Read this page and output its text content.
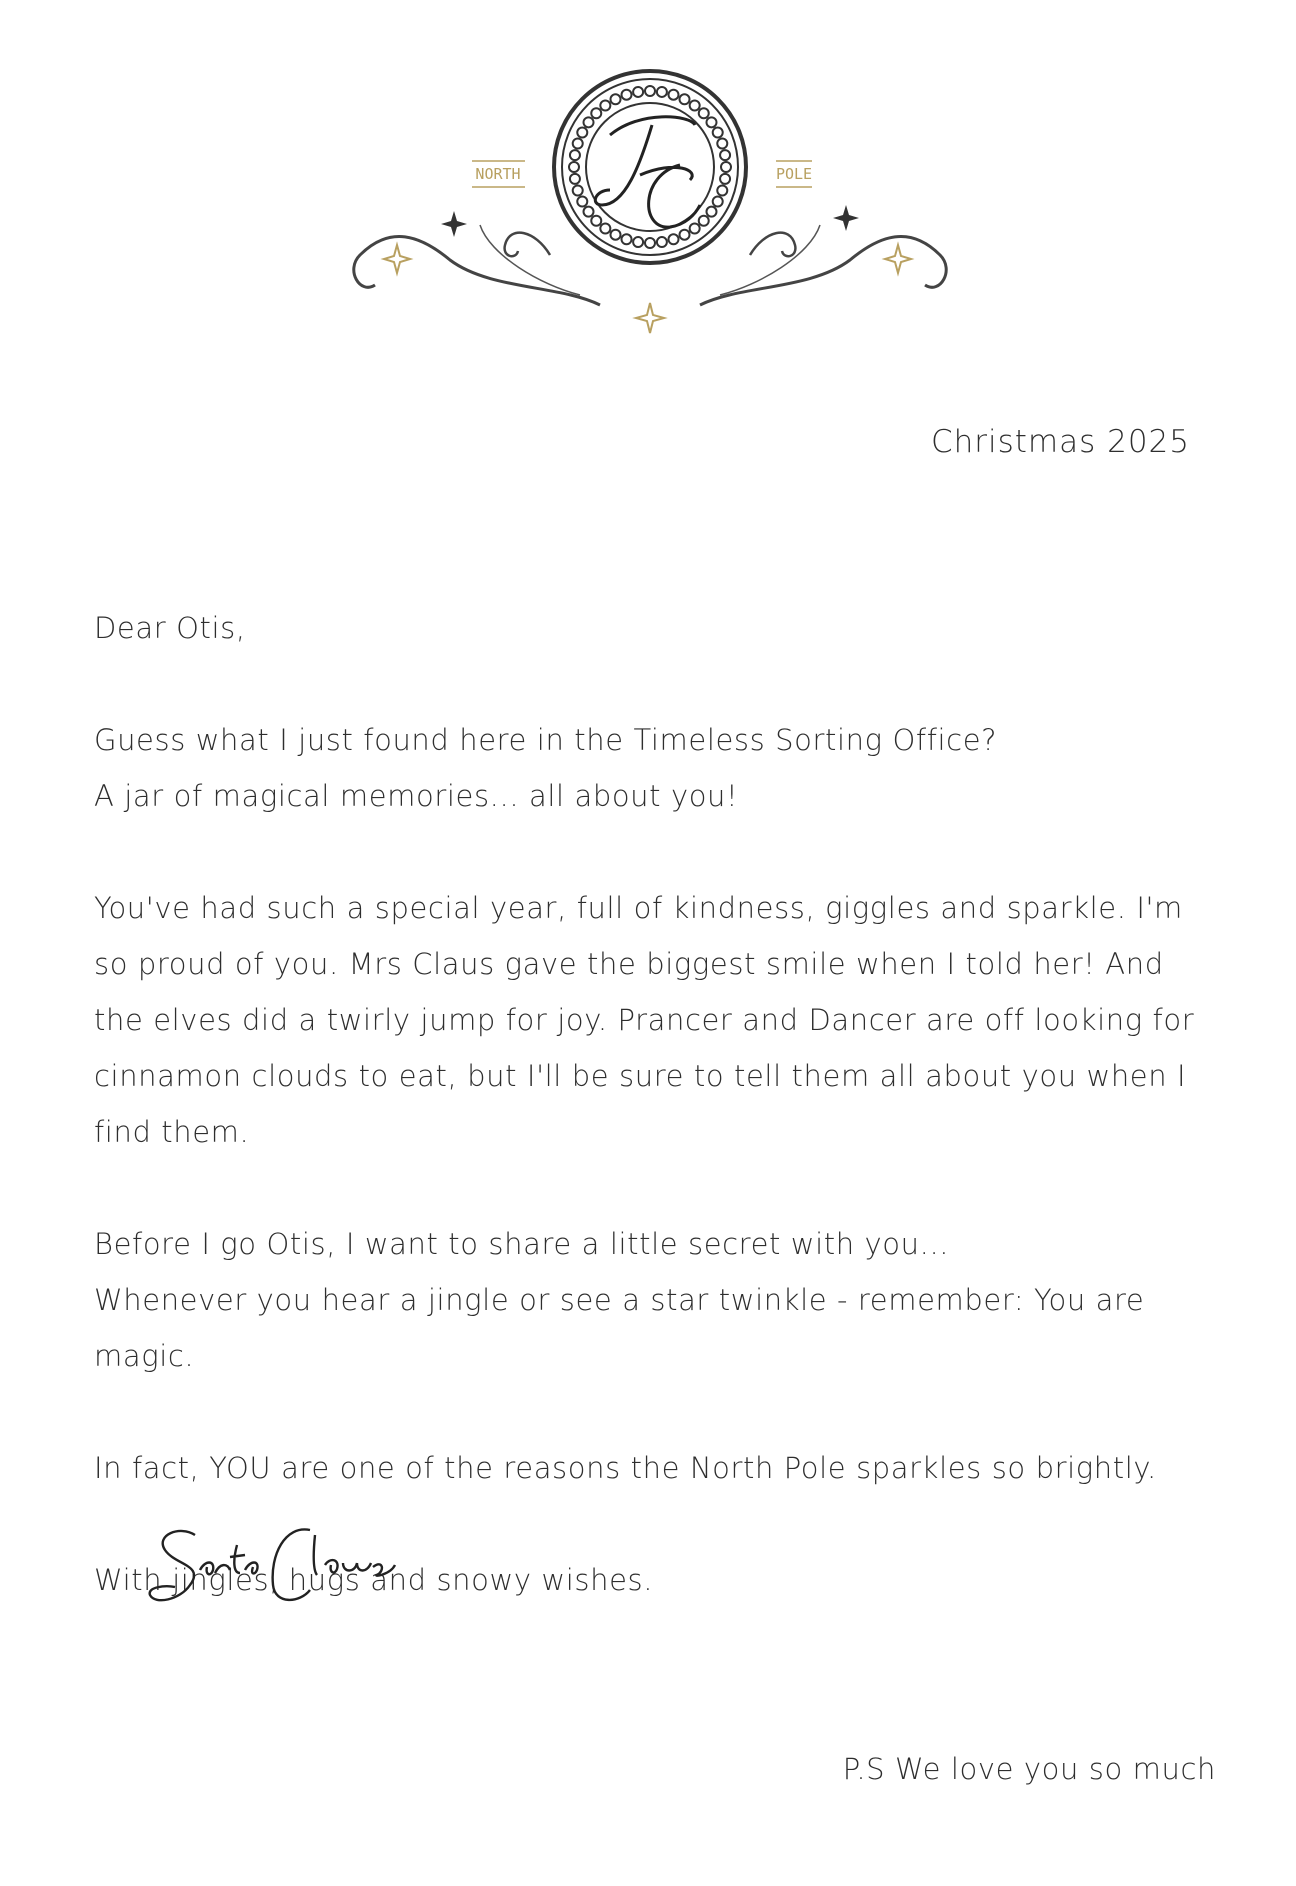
NORTH	POLE
Christmas 2025

Dear Otis,

Guess what I just found here in the Timeless Sorting Office?

A jar of magical memories... all about you!

You've had such a special year, full of kindness, giggles and sparkle. I'm so proud of you. Mrs Claus gave the biggest smile when I told her! And the elves did a twirly jump for joy. Prancer and Dancer are off looking for cinnamon clouds to eat, but I'll be sure to tell them all about you when I find them.

Before I go Otis, I want to share a little secret with you...

Whenever you hear a jingle or see a star twinkle - remember: You are magic.

In fact, YOU are one of the reasons the North Pole sparkles so brightly.

With jingles, hugs and snowy wishes.

P.S We love you so much
